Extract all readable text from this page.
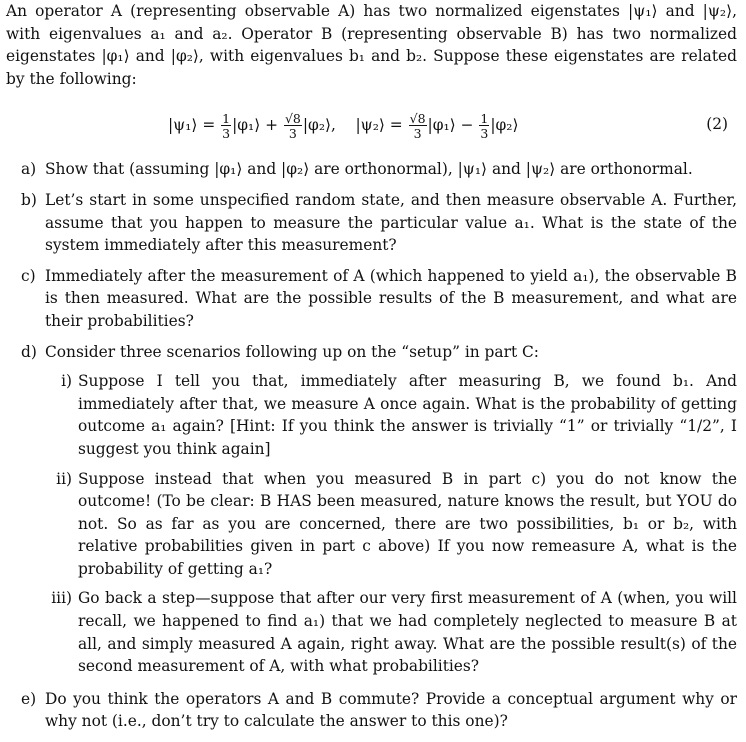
An operator A (representing observable A) has two normalized eigenstates |ψ₁⟩ and |ψ₂⟩, with eigenvalues a₁ and a₂. Operator B (representing observable B) has two normalized eigenstates |φ₁⟩ and |φ₂⟩, with eigenvalues b₁ and b₂. Suppose these eigenstates are related by the following:

|ψ₁⟩ = $\frac{1}{3}$ |φ₁⟩ + $\frac{√8}{3}$ |φ₂⟩, |ψ₂⟩ = $\frac{√8}{3}$ |φ₁⟩ − $\frac{1}{3}$ |φ₂⟩	(2)
a) Show that (assuming |φ₁⟩ and |φ₂⟩ are orthonormal), |ψ₁⟩ and |ψ₂⟩ are orthonormal.
b) Let’s start in some unspecified random state, and then measure observable A. Further, assume that you happen to measure the particular value a₁. What is the state of the system immediately after this measurement?
c) Immediately after the measurement of A (which happened to yield a₁), the observable B is then measured. What are the possible results of the B measurement, and what are their probabilities?
d) Consider three scenarios following up on the “setup” in part C:
i) Suppose I tell you that, immediately after measuring B, we found b₁. And immediately after that, we measure A once again. What is the probability of getting outcome a₁ again? [Hint: If you think the answer is trivially “1” or trivially “1/2”, I suggest you think again]
ii) Suppose instead that when you measured B in part c) you do not know the outcome! (To be clear: B HAS been measured, nature knows the result, but YOU do not. So as far as you are concerned, there are two possibilities, b₁ or b₂, with relative probabilities given in part c above) If you now remeasure A, what is the probability of getting a₁?
iii) Go back a step—suppose that after our very first measurement of A (when, you will recall, we happened to find a₁) that we had completely neglected to measure B at all, and simply measured A again, right away. What are the possible result(s) of the second measurement of A, with what probabilities?
e) Do you think the operators A and B commute? Provide a conceptual argument why or why not (i.e., don’t try to calculate the answer to this one)?
